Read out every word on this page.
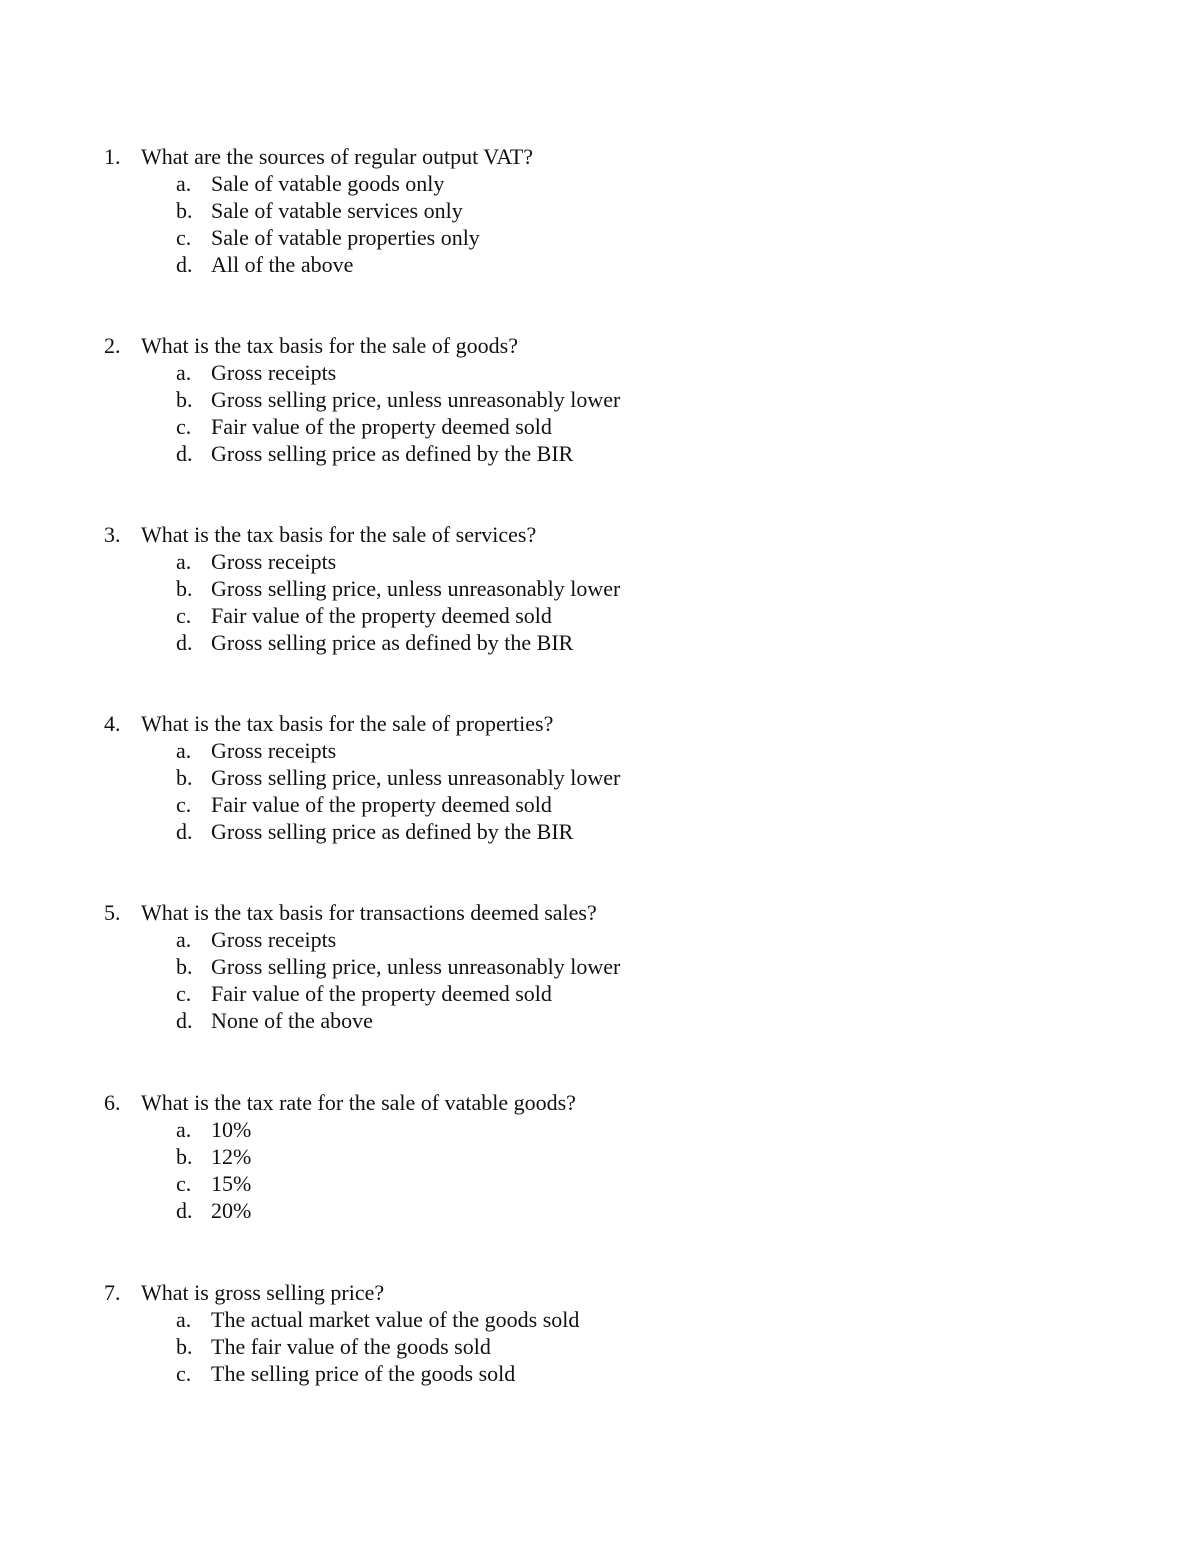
1. What are the sources of regular output VAT?
a. Sale of vatable goods only
b. Sale of vatable services only
c. Sale of vatable properties only
d. All of the above
2. What is the tax basis for the sale of goods?
a. Gross receipts
b. Gross selling price, unless unreasonably lower
c. Fair value of the property deemed sold
d. Gross selling price as defined by the BIR
3. What is the tax basis for the sale of services?
a. Gross receipts
b. Gross selling price, unless unreasonably lower
c. Fair value of the property deemed sold
d. Gross selling price as defined by the BIR
4. What is the tax basis for the sale of properties?
a. Gross receipts
b. Gross selling price, unless unreasonably lower
c. Fair value of the property deemed sold
d. Gross selling price as defined by the BIR
5. What is the tax basis for transactions deemed sales?
a. Gross receipts
b. Gross selling price, unless unreasonably lower
c. Fair value of the property deemed sold
d. None of the above
6. What is the tax rate for the sale of vatable goods?
a. 10%
b. 12%
c. 15%
d. 20%
7. What is gross selling price?
a. The actual market value of the goods sold
b. The fair value of the goods sold
c. The selling price of the goods sold
